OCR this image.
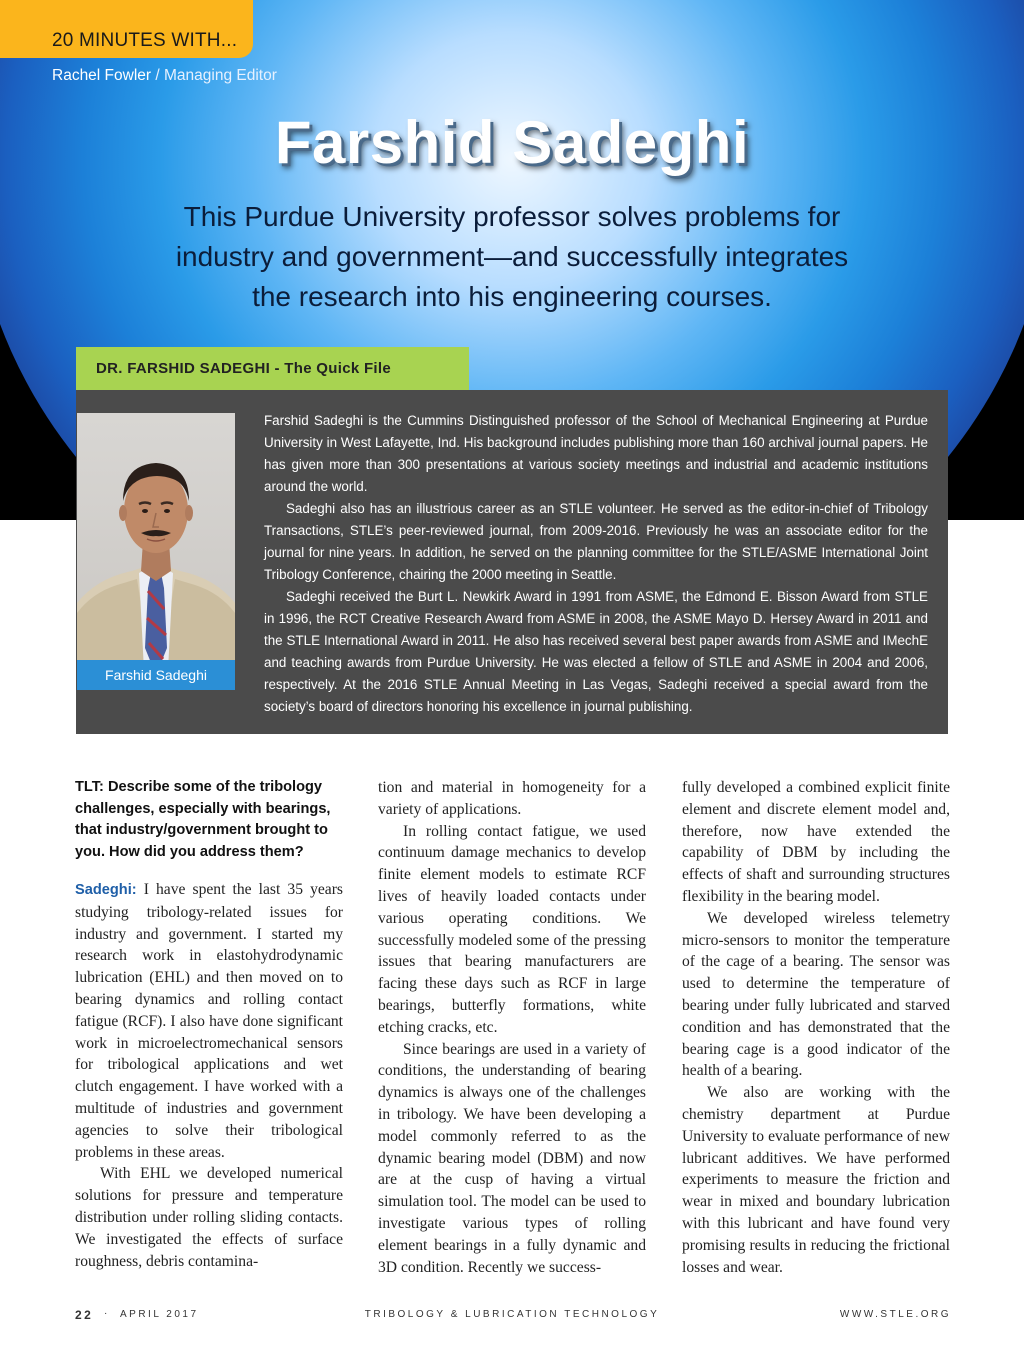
20 MINUTES WITH...
Rachel Fowler / Managing Editor
Farshid Sadeghi
This Purdue University professor solves problems for
industry and government—and successfully integrates
the research into his engineering courses.
DR. FARSHID SADEGHI - The Quick File
Farshid Sadeghi

Farshid Sadeghi is the Cummins Distinguished professor of the School of Mechanical Engineering at Purdue University in West Lafayette, Ind. His background includes publishing more than 160 archival journal papers. He has given more than 300 presentations at various society meetings and industrial and academic institutions around the world.

Sadeghi also has an illustrious career as an STLE volunteer. He served as the editor-in-chief of Tribology Transactions, STLE’s peer-reviewed journal, from 2009-2016. Previously he was an associate editor for the journal for nine years. In addition, he served on the planning committee for the STLE/ASME International Joint Tribology Conference, chairing the 2000 meeting in Seattle.

Sadeghi received the Burt L. Newkirk Award in 1991 from ASME, the Edmond E. Bisson Award from STLE in 1996, the RCT Creative Research Award from ASME in 2008, the ASME Mayo D. Hersey Award in 2011 and the STLE International Award in 2011. He also has received several best paper awards from ASME and IMechE and teaching awards from Purdue University. He was elected a fellow of STLE and ASME in 2004 and 2006, respectively. At the 2016 STLE Annual Meeting in Las Vegas, Sadeghi received a special award from the society’s board of directors honoring his excellence in journal publishing.

TLT: Describe some of the tribology challenges, especially with bearings, that industry/government brought to you. How did you address them?

Sadeghi: I have spent the last 35 years studying tribology-related issues for industry and government. I started my research work in elastohydrodynamic lubrication (EHL) and then moved on to bearing dynamics and rolling contact fatigue (RCF). I also have done significant work in microelectromechanical sensors for tribological applications and wet clutch engagement. I have worked with a multitude of industries and government agencies to solve their tribological problems in these areas.

With EHL we developed numerical solutions for pressure and temperature distribution under rolling sliding contacts. We investigated the effects of surface roughness, debris contamina-

tion and material in homogeneity for a variety of applications.

In rolling contact fatigue, we used continuum damage mechanics to develop finite element models to estimate RCF lives of heavily loaded contacts under various operating conditions. We successfully modeled some of the pressing issues that bearing manufacturers are facing these days such as RCF in large bearings, butterfly formations, white etching cracks, etc.

Since bearings are used in a variety of conditions, the understanding of bearing dynamics is always one of the challenges in tribology. We have been developing a model commonly referred to as the dynamic bearing model (DBM) and now are at the cusp of having a virtual simulation tool. The model can be used to investigate various types of rolling element bearings in a fully dynamic and 3D condition. Recently we success-

fully developed a combined explicit finite element and discrete element model and, therefore, now have extended the capability of DBM by including the effects of shaft and surrounding structures flexibility in the bearing model.

We developed wireless telemetry micro-sensors to monitor the temperature of the cage of a bearing. The sensor was used to determine the temperature of bearing under fully lubricated and starved condition and has demonstrated that the bearing cage is a good indicator of the health of a bearing.

We also are working with the chemistry department at Purdue University to evaluate performance of new lubricant additives. We have performed experiments to measure the friction and wear in mixed and boundary lubrication with this lubricant and have found very promising results in reducing the frictional losses and wear.

22 · APRIL 2017	TRIBOLOGY & LUBRICATION TECHNOLOGY	WWW.STLE.ORG
